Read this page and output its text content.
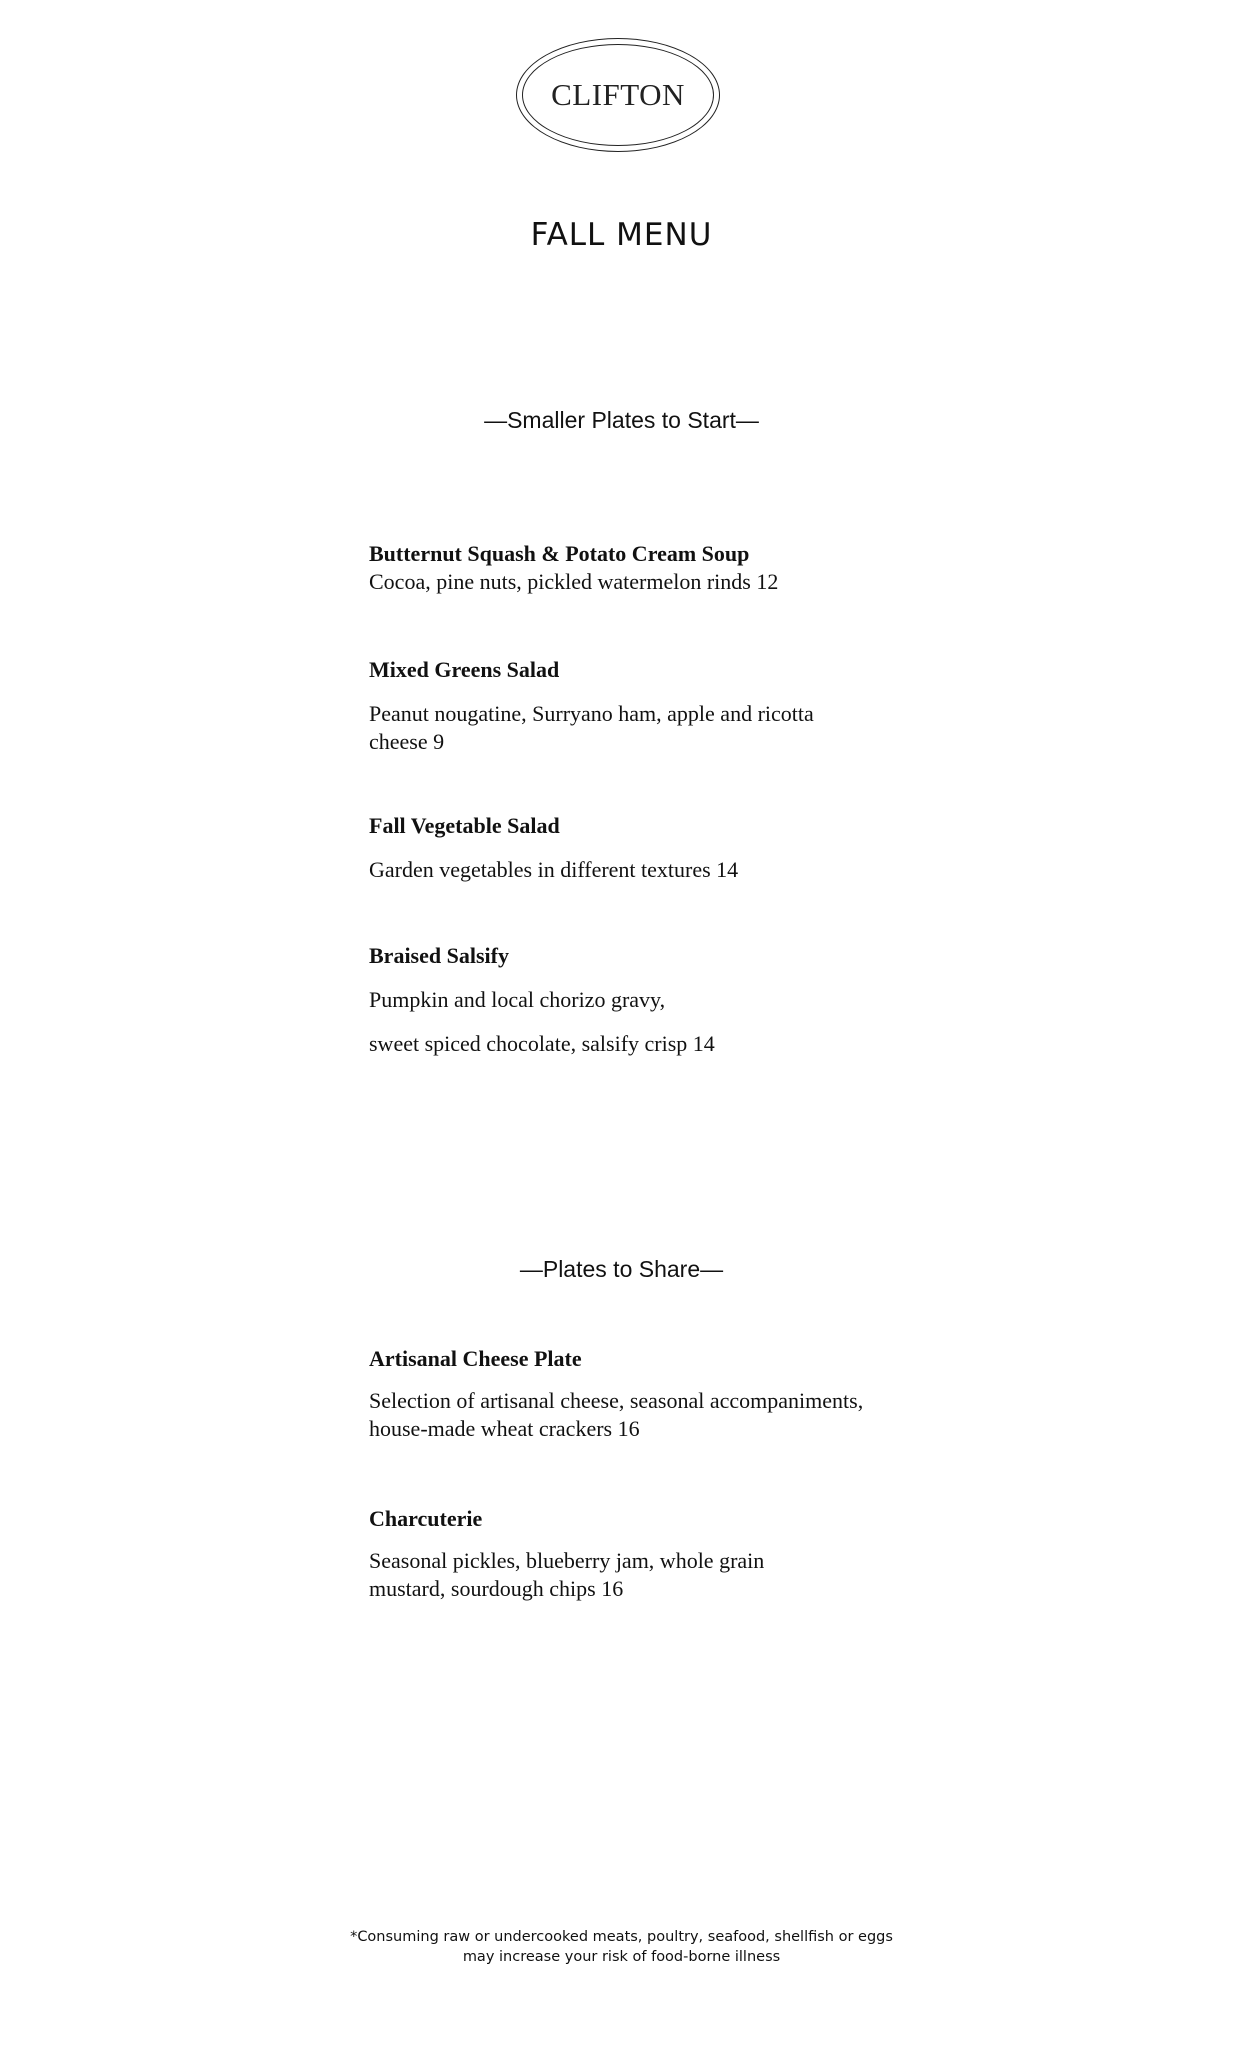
CLIFTON
FALL MENU
—Smaller Plates to Start—
Butternut Squash & Potato Cream Soup
Cocoa, pine nuts, pickled watermelon rinds 12
Mixed Greens Salad
Peanut nougatine, Surryano ham, apple and ricotta
cheese 9
Fall Vegetable Salad
Garden vegetables in different textures 14
Braised Salsify
Pumpkin and local chorizo gravy,
sweet spiced chocolate, salsify crisp 14
—Plates to Share—
Artisanal Cheese Plate
Selection of artisanal cheese, seasonal accompaniments,
house-made wheat crackers 16
Charcuterie
Seasonal pickles, blueberry jam, whole grain
mustard, sourdough chips 16
*Consuming raw or undercooked meats, poultry, seafood, shellfish or eggs
may increase your risk of food-borne illness
